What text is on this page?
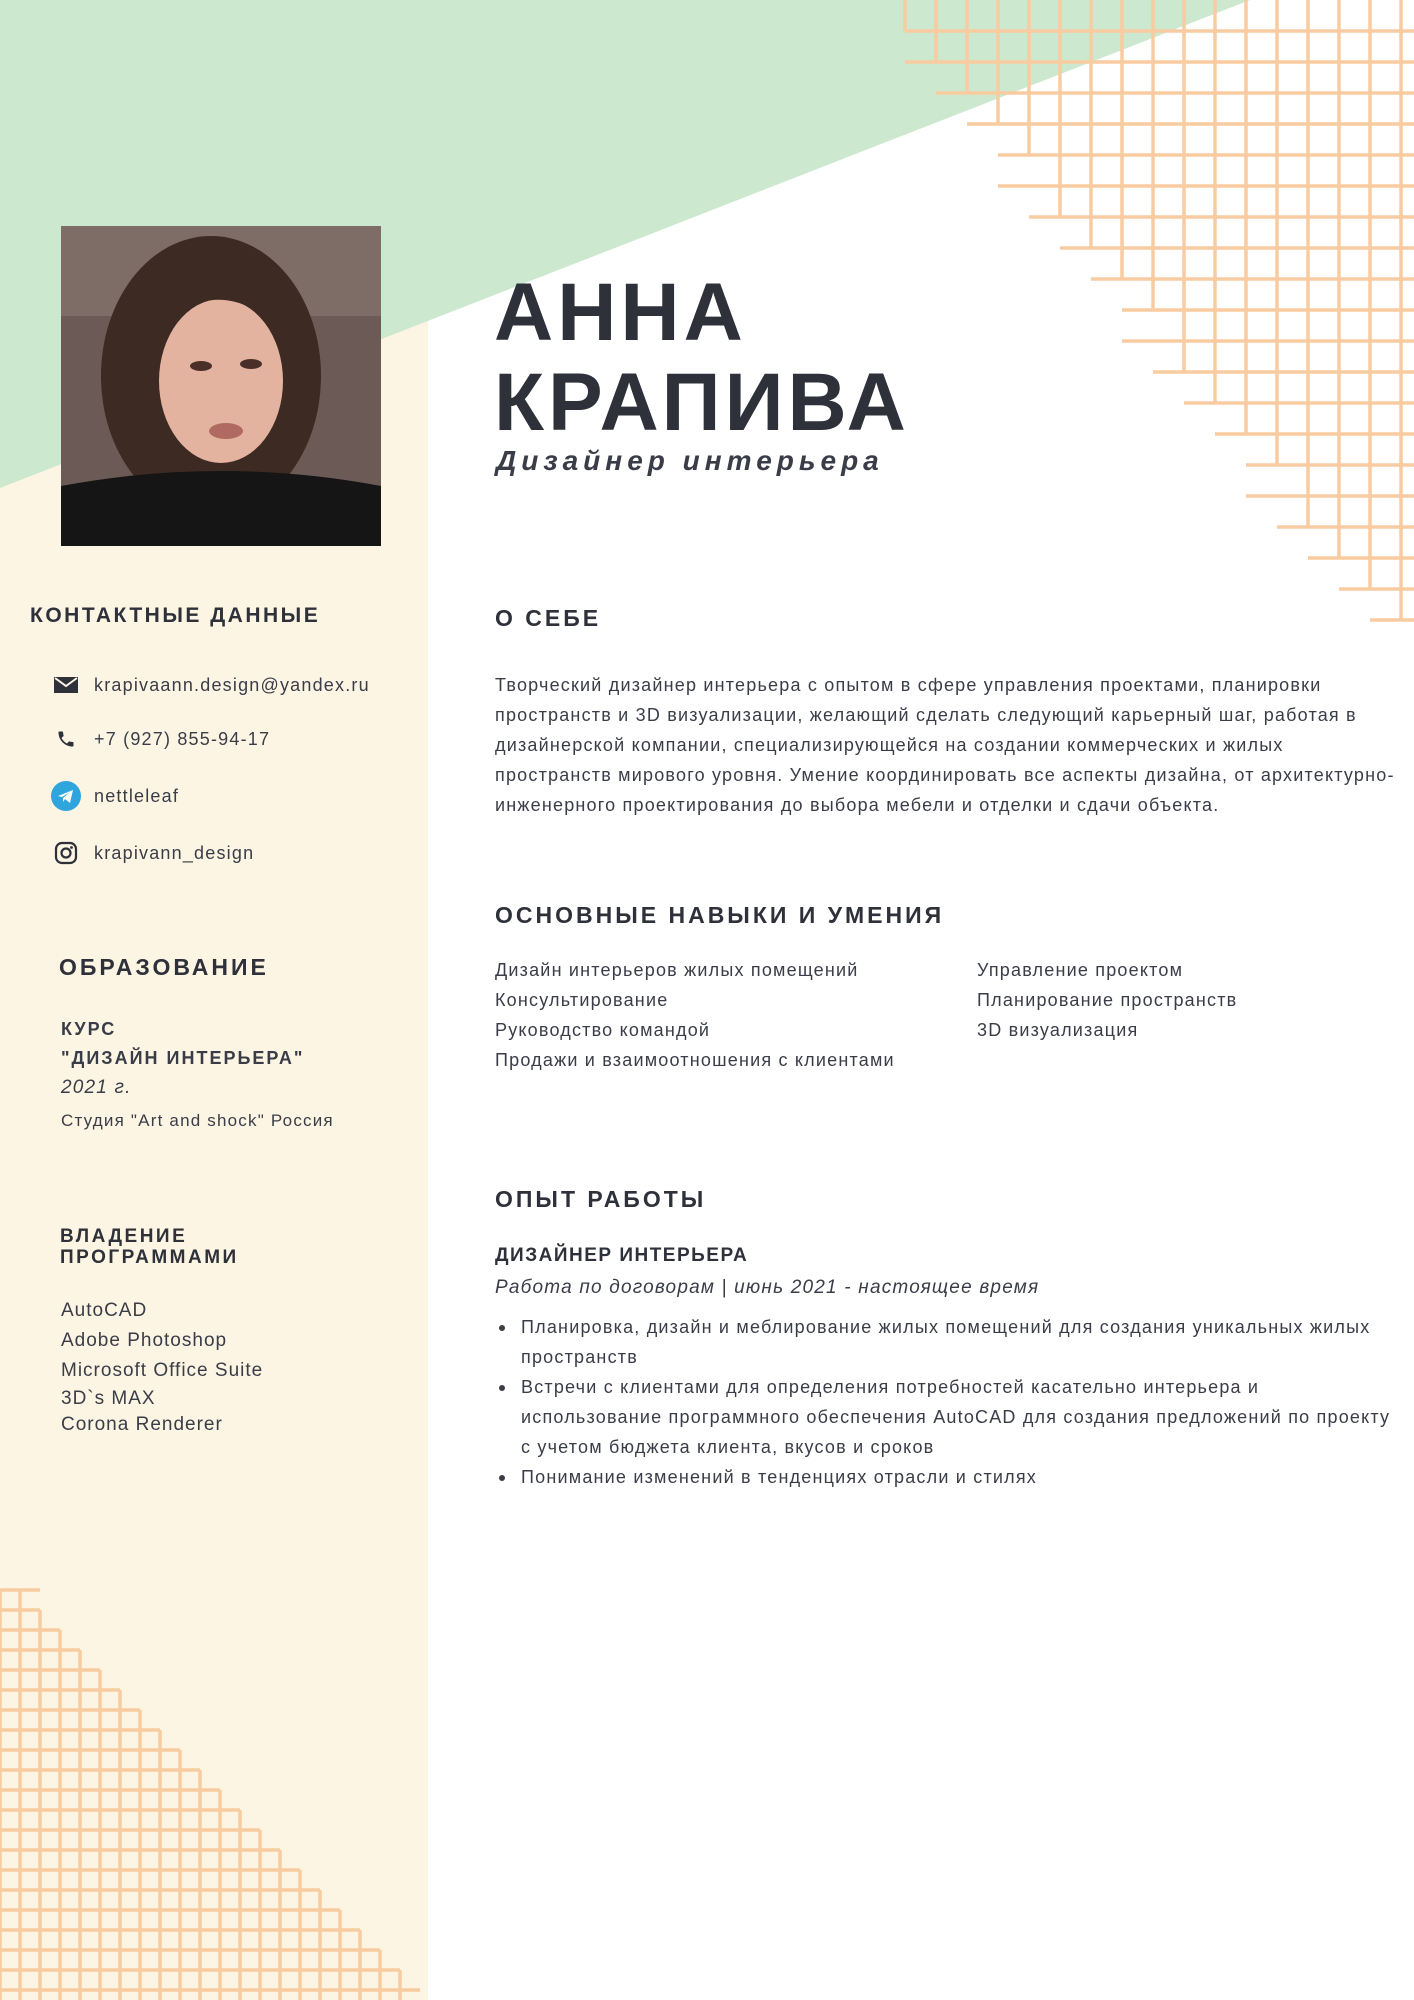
АННА
КРАПИВА

Дизайнер интерьера

КОНТАКТНЫЕ ДАННЫЕ
krapivaann.design@yandex.ru
+7 (927) 855-94-17
nettleleaf
krapivann_design
ОБРАЗОВАНИЕ

КУРС

"ДИЗАЙН ИНТЕРЬЕРА"

2021 г.

Студия "Art and shock" Россия

ВЛАДЕНИЕ
ПРОГРАММАМИ
AutoCAD
Adobe Photoshop
Microsoft Office Suite
3D`s MAX
Corona Renderer
О СЕБЕ
Творческий дизайнер интерьера с опытом в сфере управления проектами, планировки пространств и 3D визуализации, желающий сделать следующий карьерный шаг, работая в дизайнерской компании, специализирующейся на создании коммерческих и жилых пространств мирового уровня. Умение координировать все аспекты дизайна, от архитектурно-инженерного проектирования до выбора мебели и отделки и сдачи объекта.
ОСНОВНЫЕ НАВЫКИ И УМЕНИЯ
Дизайн интерьеров жилых помещений
Консультирование
Руководство командой
Продажи и взаимоотношения с клиентами
Управление проектом
Планирование пространств
3D визуализация
ОПЫТ РАБОТЫ

ДИЗАЙНЕР ИНТЕРЬЕРА

Работа по договорам | июнь 2021 - настоящее время

Планировка, дизайн и меблирование жилых помещений для создания уникальных жилых пространств
Встречи с клиентами для определения потребностей касательно интерьера и использование программного обеспечения AutoCAD для создания предложений по проекту с учетом бюджета клиента, вкусов и сроков
Понимание изменений в тенденциях отрасли и стилях
